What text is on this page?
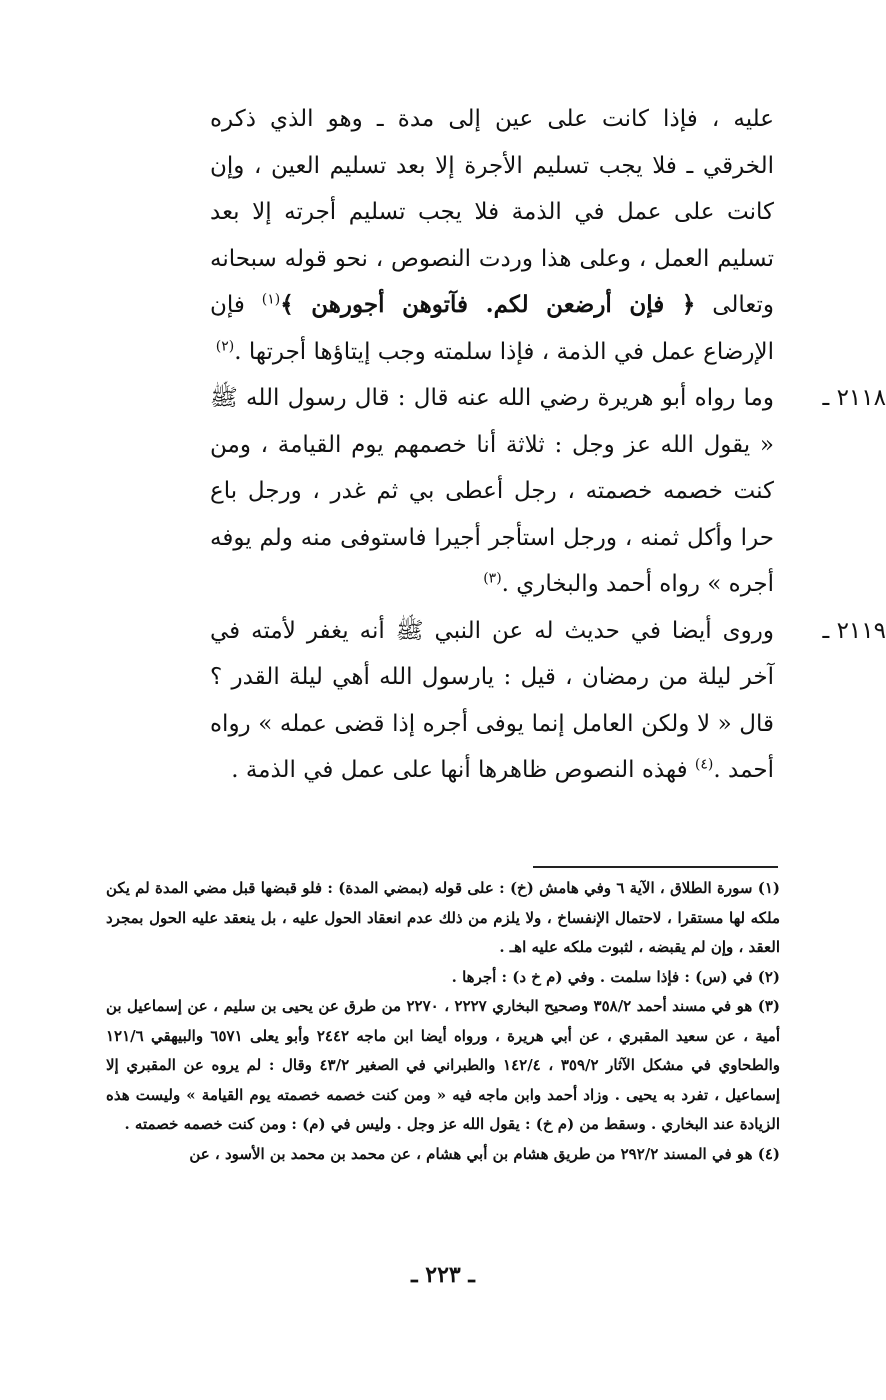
عليه ، فإذا كانت على عين إلى مدة ـ وهو الذي ذكره الخرقي ـ فلا يجب تسليم الأجرة إلا بعد تسليم العين ، وإن كانت على عمل في الذمة فلا يجب تسليم أجرته إلا بعد تسليم العمل ، وعلى هذا وردت النصوص ، نحو قوله سبحانه وتعالى ﴿ فإن أرضعن لكم. فآتوهن أجورهن ﴾$^{(١)}$ فإن الإرضاع عمل في الذمة ، فإذا سلمته وجب إيتاؤها أجرتها .$^{(٢)}$

٢١١٨ ـ

وما رواه أبو هريرة رضي الله عنه قال : قال رسول الله ﷺ « يقول الله عز وجل : ثلاثة أنا خصمهم يوم القيامة ، ومن كنت خصمه خصمته ، رجل أعطى بي ثم غدر ، ورجل باع حرا وأكل ثمنه ، ورجل استأجر أجيرا فاستوفى منه ولم يوفه أجره » رواه أحمد والبخاري .$^{(٣)}$

٢١١٩ ـ

وروى أيضا في حديث له عن النبي ﷺ أنه يغفر لأمته في آخر ليلة من رمضان ، قيل : يارسول الله أهي ليلة القدر ؟ قال « لا ولكن العامل إنما يوفى أجره إذا قضى عمله » رواه أحمد .$^{(٤)}$ فهذه النصوص ظاهرها أنها على عمل في الذمة .

(١) سورة الطلاق ، الآية ٦ وفي هامش (خ) : على قوله (بمضي المدة) : فلو قبضها قبل مضي المدة لم يكن ملكه لها مستقرا ، لاحتمال الإنفساخ ، ولا يلزم من ذلك عدم انعقاد الحول عليه ، بل ينعقد عليه الحول بمجرد العقد ، وإن لم يقبضه ، لثبوت ملكه عليه اهـ .

(٢) في (س) : فإذا سلمت . وفي (م خ د) : أجرها .

(٣) هو في مسند أحمد ٣٥٨/٢ وصحيح البخاري ٢٢٢٧ ، ٢٢٧٠ من طرق عن يحيى بن سليم ، عن إسماعيل بن أمية ، عن سعيد المقبري ، عن أبي هريرة ، ورواه أيضا ابن ماجه ٢٤٤٢ وأبو يعلى ٦٥٧١ والبيهقي ١٢١/٦ والطحاوي في مشكل الآثار ٣٥٩/٢ ، ١٤٢/٤ والطبراني في الصغير ٤٣/٢ وقال : لم يروه عن المقبري إلا إسماعيل ، تفرد به يحيى . وزاد أحمد وابن ماجه فيه « ومن كنت خصمه خصمته يوم القيامة » وليست هذه الزيادة عند البخاري . وسقط من (م خ) : يقول الله عز وجل . وليس في (م) : ومن كنت خصمه خصمته .

(٤) هو في المسند ٢٩٢/٢ من طريق هشام بن أبي هشام ، عن محمد بن محمد بن الأسود ، عن

ـ ٢٢٣ ـ
